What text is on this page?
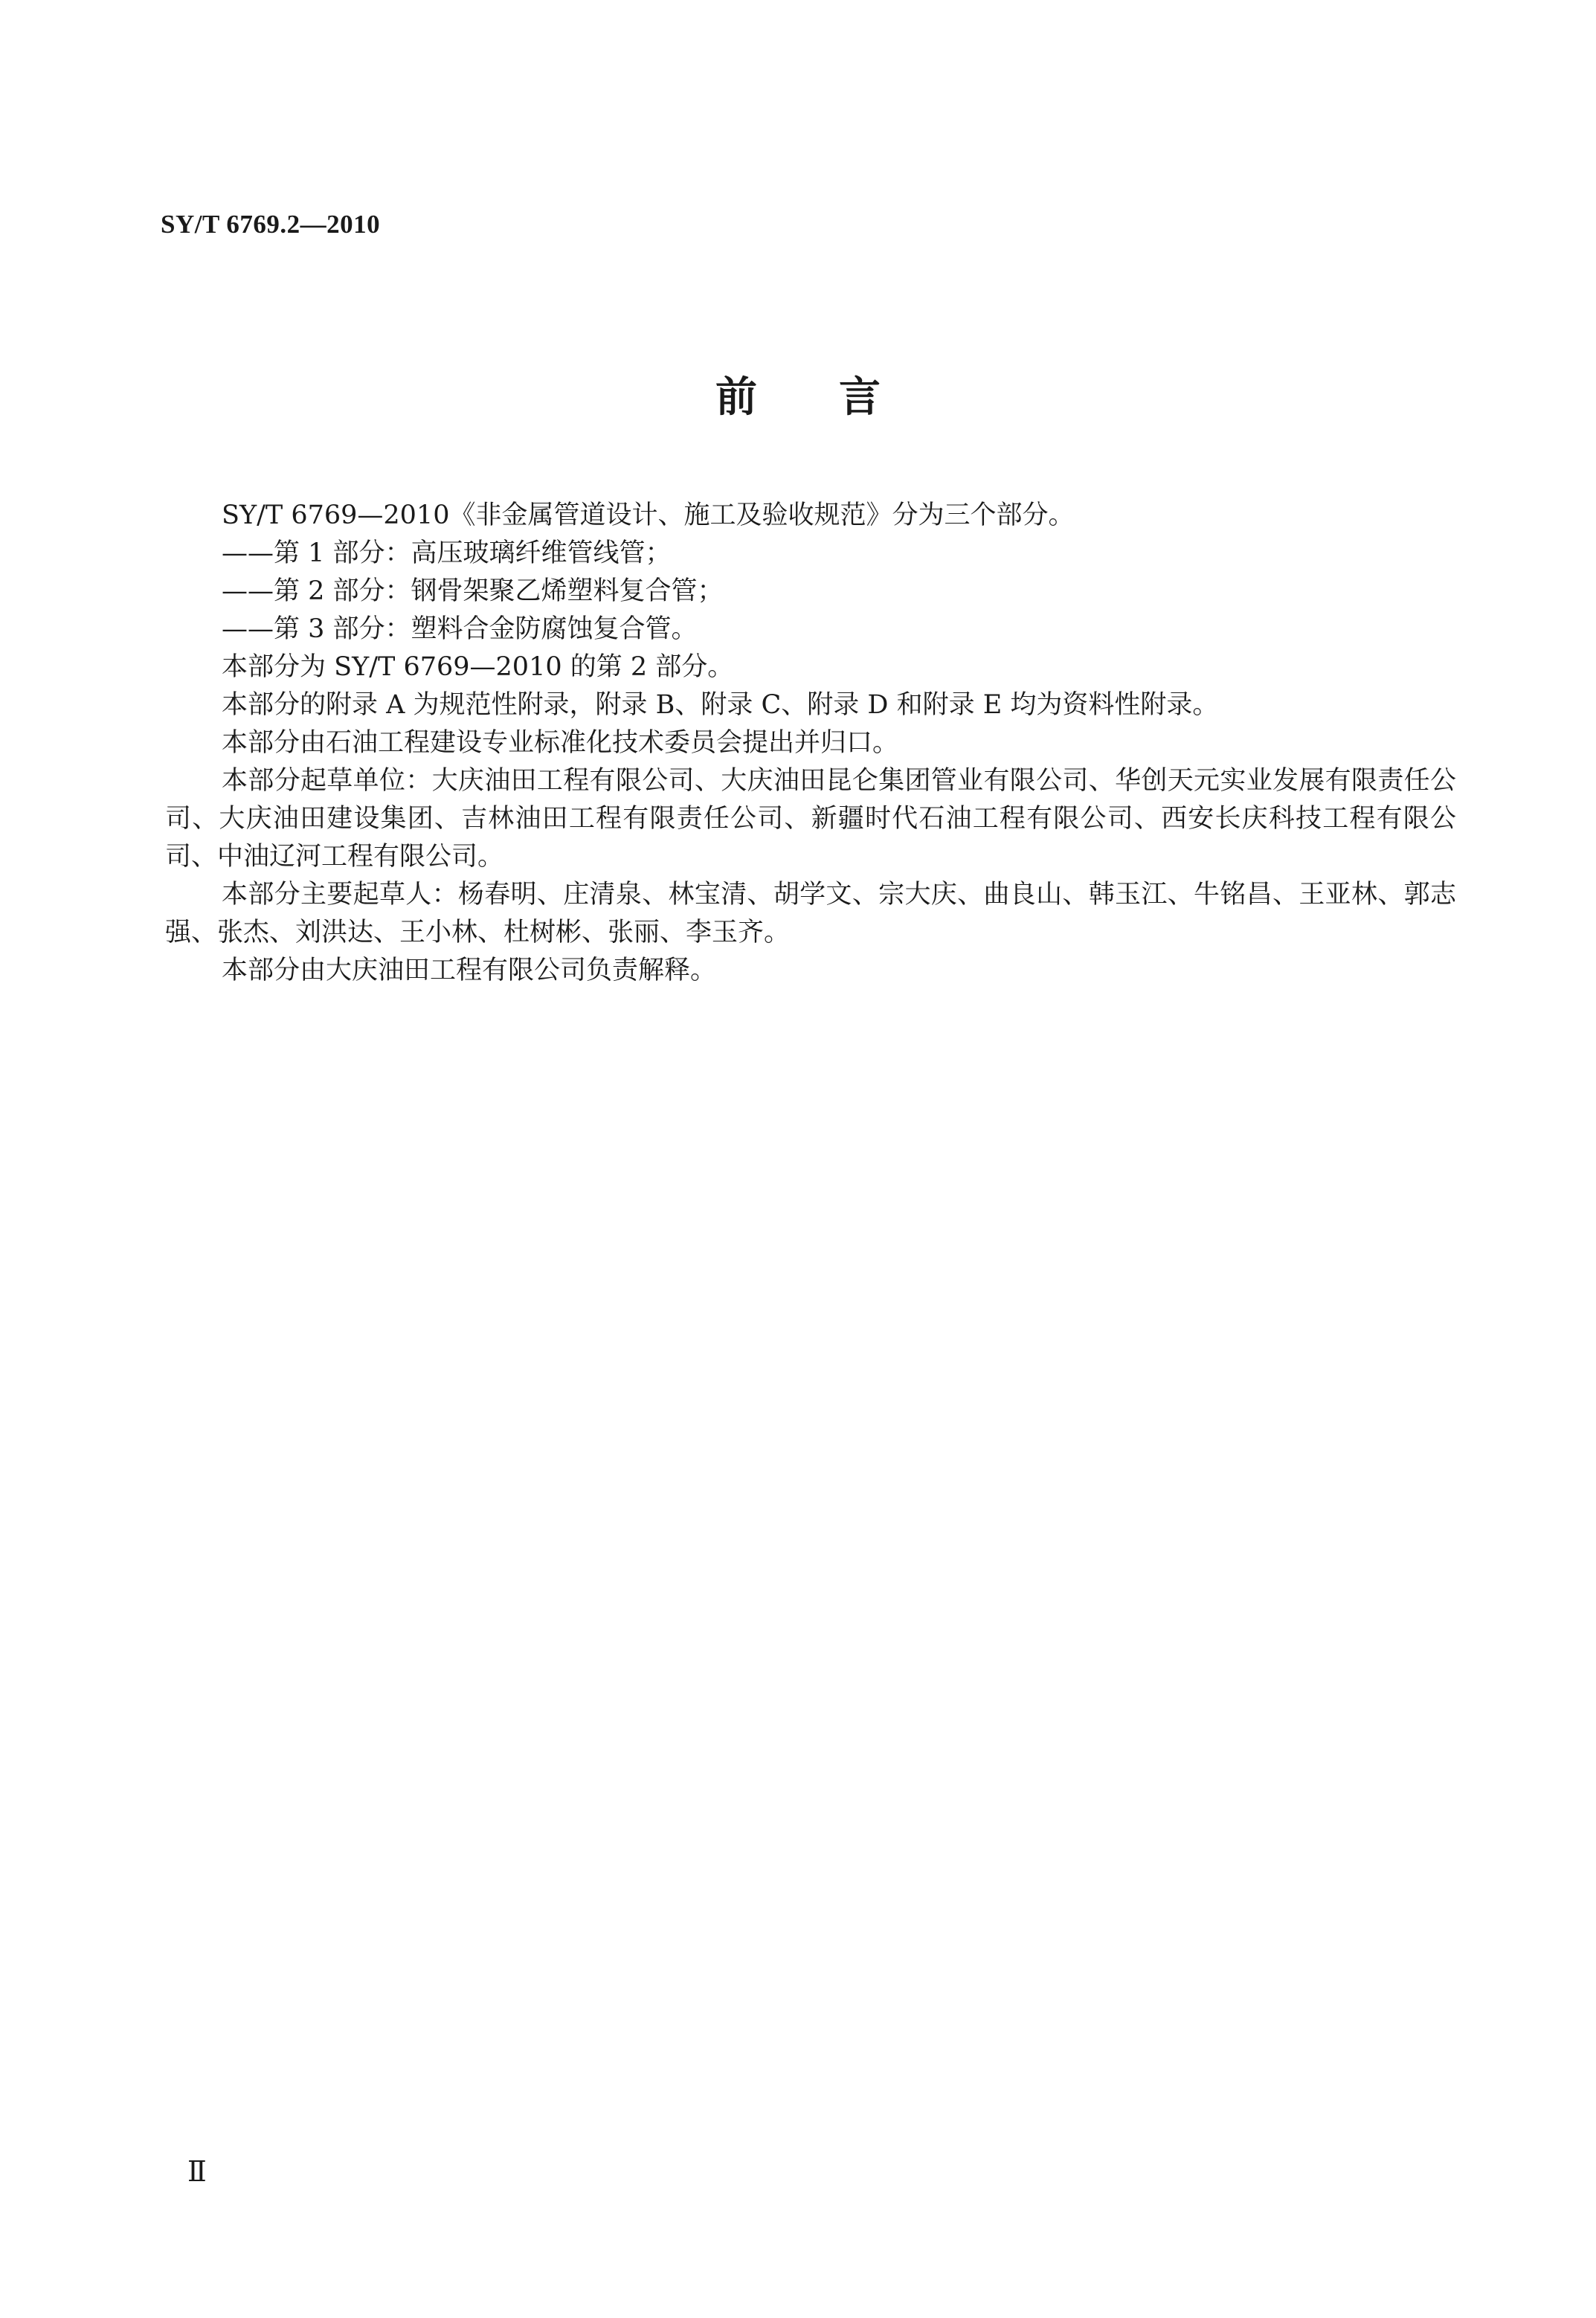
SY/T 6769.2—2010
前言

SY/T 6769—2010《非金属管道设计、施工及验收规范》分为三个部分。

——第 1 部分：高压玻璃纤维管线管；

——第 2 部分：钢骨架聚乙烯塑料复合管；

——第 3 部分：塑料合金防腐蚀复合管。

本部分为 SY/T 6769—2010 的第 2 部分。

本部分的附录 A 为规范性附录，附录 B、附录 C、附录 D 和附录 E 均为资料性附录。

本部分由石油工程建设专业标准化技术委员会提出并归口。

本部分起草单位：大庆油田工程有限公司、大庆油田昆仑集团管业有限公司、华创天元实业发展有限责任公司、大庆油田建设集团、吉林油田工程有限责任公司、新疆时代石油工程有限公司、西安长庆科技工程有限公司、中油辽河工程有限公司。

本部分主要起草人：杨春明、庄清泉、林宝清、胡学文、宗大庆、曲良山、韩玉江、牛铭昌、王亚林、郭志强、张杰、刘洪达、王小林、杜树彬、张丽、李玉齐。

本部分由大庆油田工程有限公司负责解释。

Ⅱ
